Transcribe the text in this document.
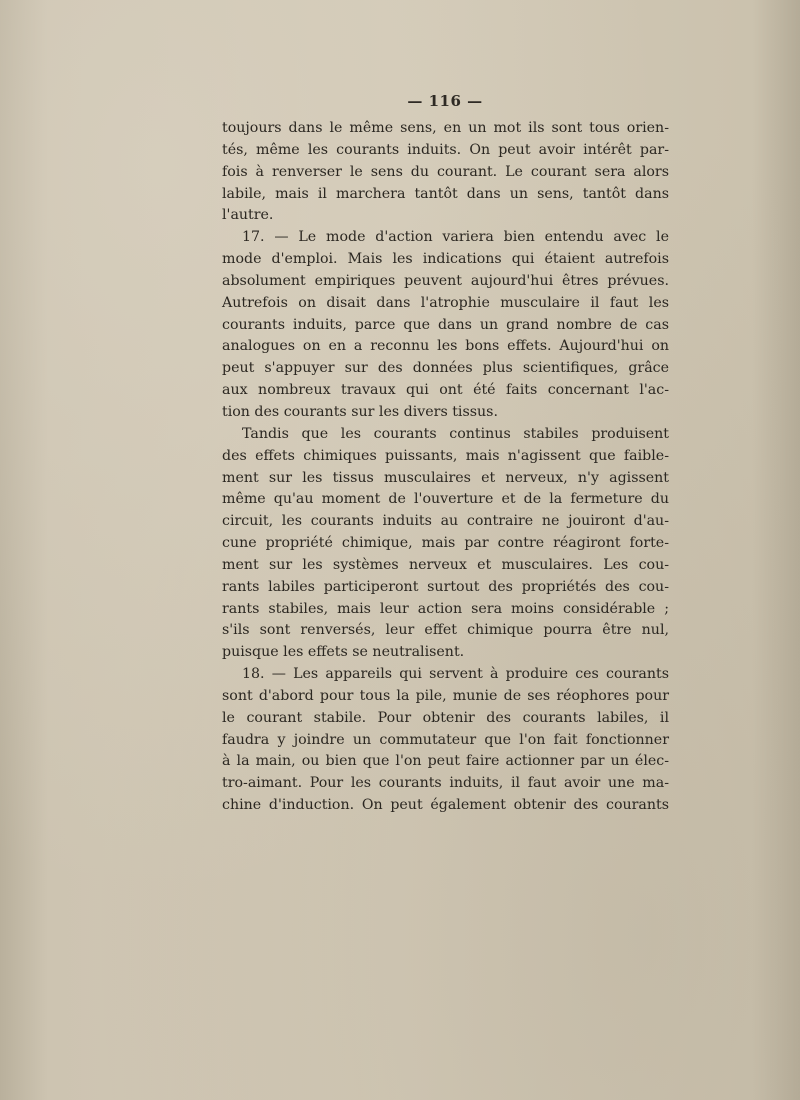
— 116 —
toujours dans le même sens, en un mot ils sont tous orien-
tés, même les courants induits. On peut avoir intérêt par-
fois à renverser le sens du courant. Le courant sera alors
labile, mais il marchera tantôt dans un sens, tantôt dans
l'autre.
17. — Le mode d'action variera bien entendu avec le
mode d'emploi. Mais les indications qui étaient autrefois
absolument empiriques peuvent aujourd'hui êtres prévues.
Autrefois on disait dans l'atrophie musculaire il faut les
courants induits, parce que dans un grand nombre de cas
analogues on en a reconnu les bons effets. Aujourd'hui on
peut s'appuyer sur des données plus scientifiques, grâce
aux nombreux travaux qui ont été faits concernant l'ac-
tion des courants sur les divers tissus.
Tandis que les courants continus stabiles produisent
des effets chimiques puissants, mais n'agissent que faible-
ment sur les tissus musculaires et nerveux, n'y agissent
même qu'au moment de l'ouverture et de la fermeture du
circuit, les courants induits au contraire ne jouiront d'au-
cune propriété chimique, mais par contre réagiront forte-
ment sur les systèmes nerveux et musculaires. Les cou-
rants labiles participeront surtout des propriétés des cou-
rants stabiles, mais leur action sera moins considérable ;
s'ils sont renversés, leur effet chimique pourra être nul,
puisque les effets se neutralisent.
18. — Les appareils qui servent à produire ces courants
sont d'abord pour tous la pile, munie de ses réophores pour
le courant stabile. Pour obtenir des courants labiles, il
faudra y joindre un commutateur que l'on fait fonctionner
à la main, ou bien que l'on peut faire actionner par un élec-
tro-aimant. Pour les courants induits, il faut avoir une ma-
chine d'induction. On peut également obtenir des courants
